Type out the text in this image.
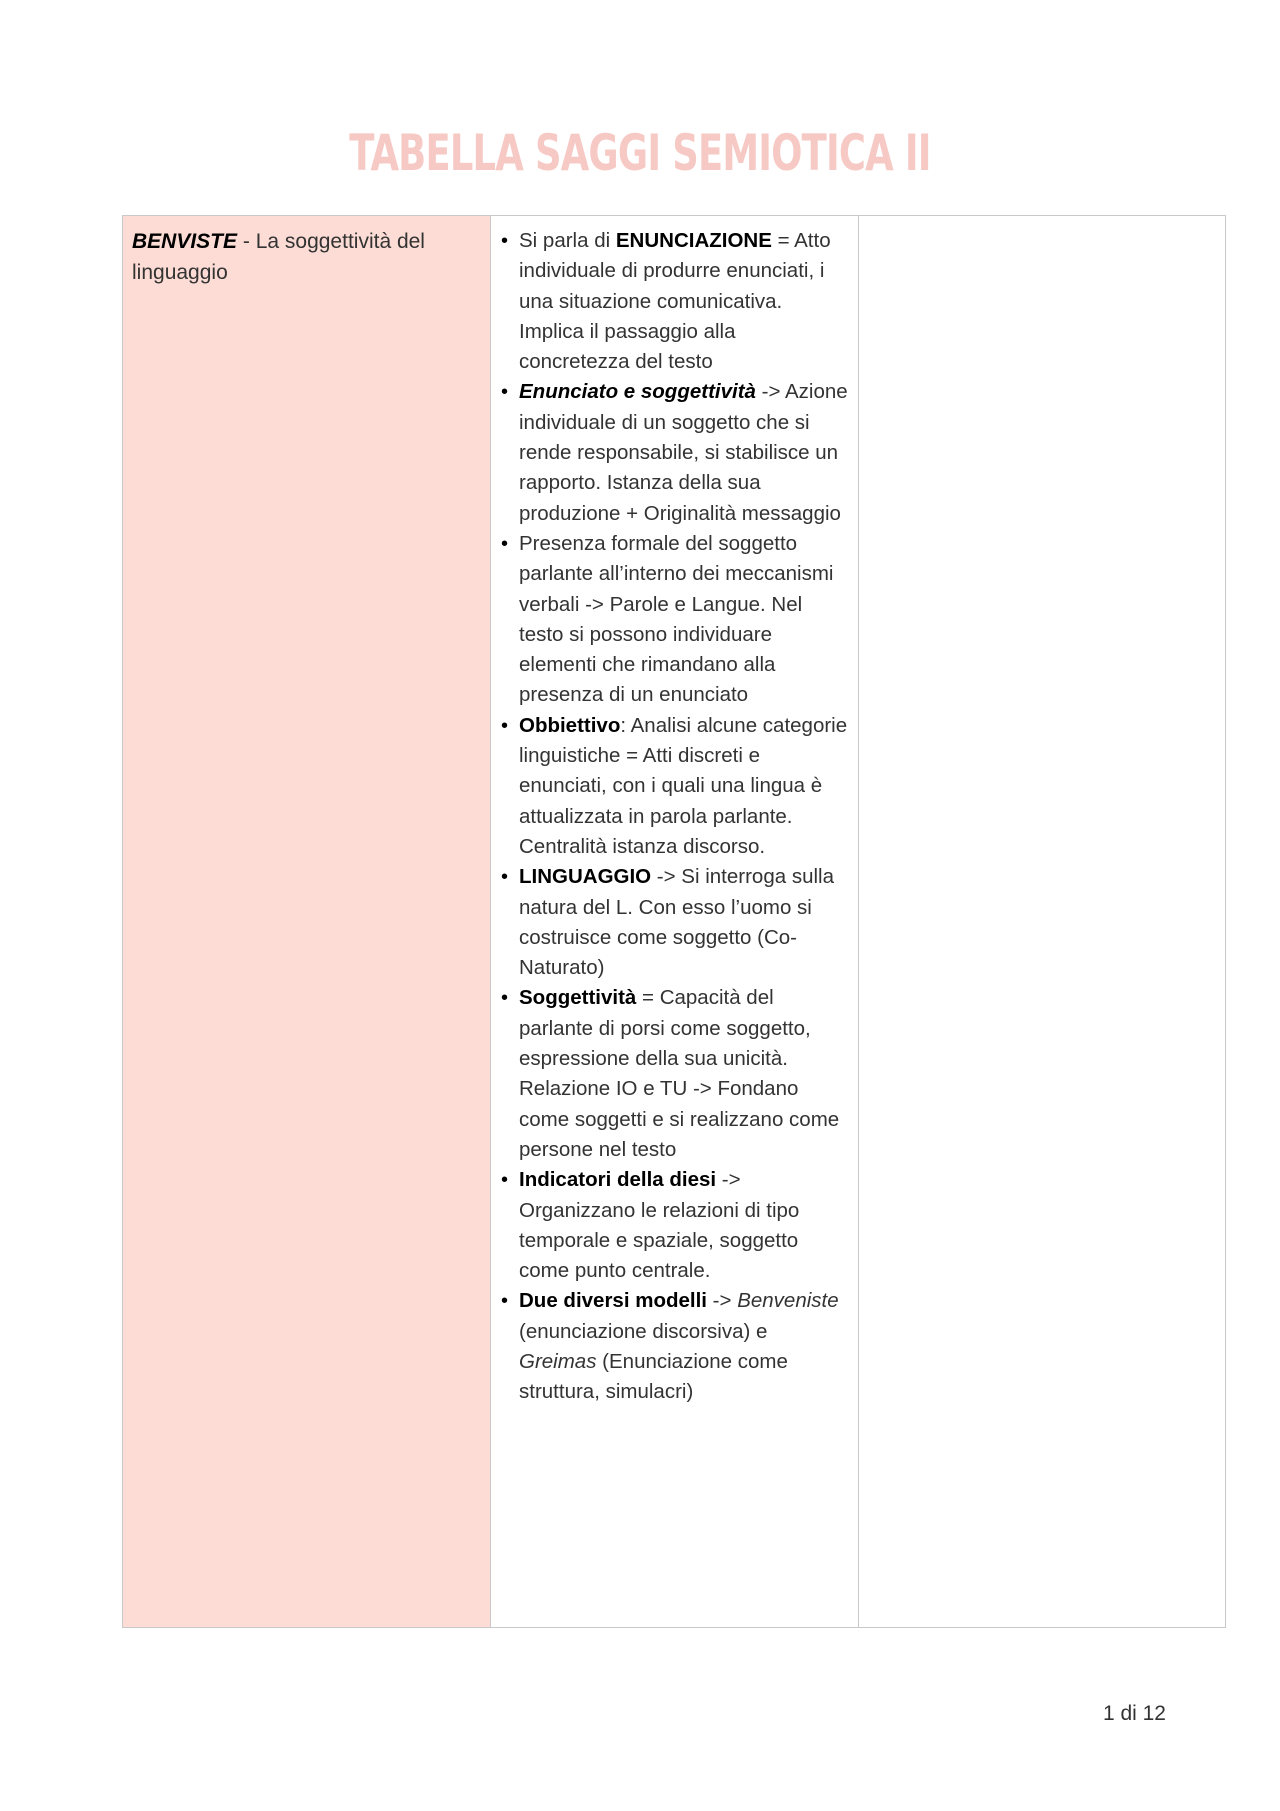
TABELLA SAGGI SEMIOTICA II
BENVISTE - La soggettività del linguaggio

• Si parla di ENUNCIAZIONE = Atto individuale di produrre enunciati, i una situazione comunicativa. Implica il passaggio alla concretezza del testo
• Enunciato e soggettività -> Azione individuale di un soggetto che si rende responsabile, si stabilisce un rapporto. Istanza della sua produzione + Originalità messaggio
• Presenza formale del soggetto parlante all’interno dei meccanismi verbali -> Parole e Langue. Nel testo si possono individuare elementi che rimandano alla presenza di un enunciato
• Obbiettivo: Analisi alcune categorie linguistiche = Atti discreti e enunciati, con i quali una lingua è attualizzata in parola parlante. Centralità istanza discorso.
• LINGUAGGIO -> Si interroga sulla natura del L. Con esso l’uomo si costruisce come soggetto (Co-Naturato)
• Soggettività = Capacità del parlante di porsi come soggetto, espressione della sua unicità. Relazione IO e TU -> Fondano come soggetti e si realizzano come persone nel testo
• Indicatori della diesi -> Organizzano le relazioni di tipo temporale e spaziale, soggetto come punto centrale.
• Due diversi modelli -> Benveniste (enunciazione discorsiva) e Greimas (Enunciazione come struttura, simulacri)

1 di 12
